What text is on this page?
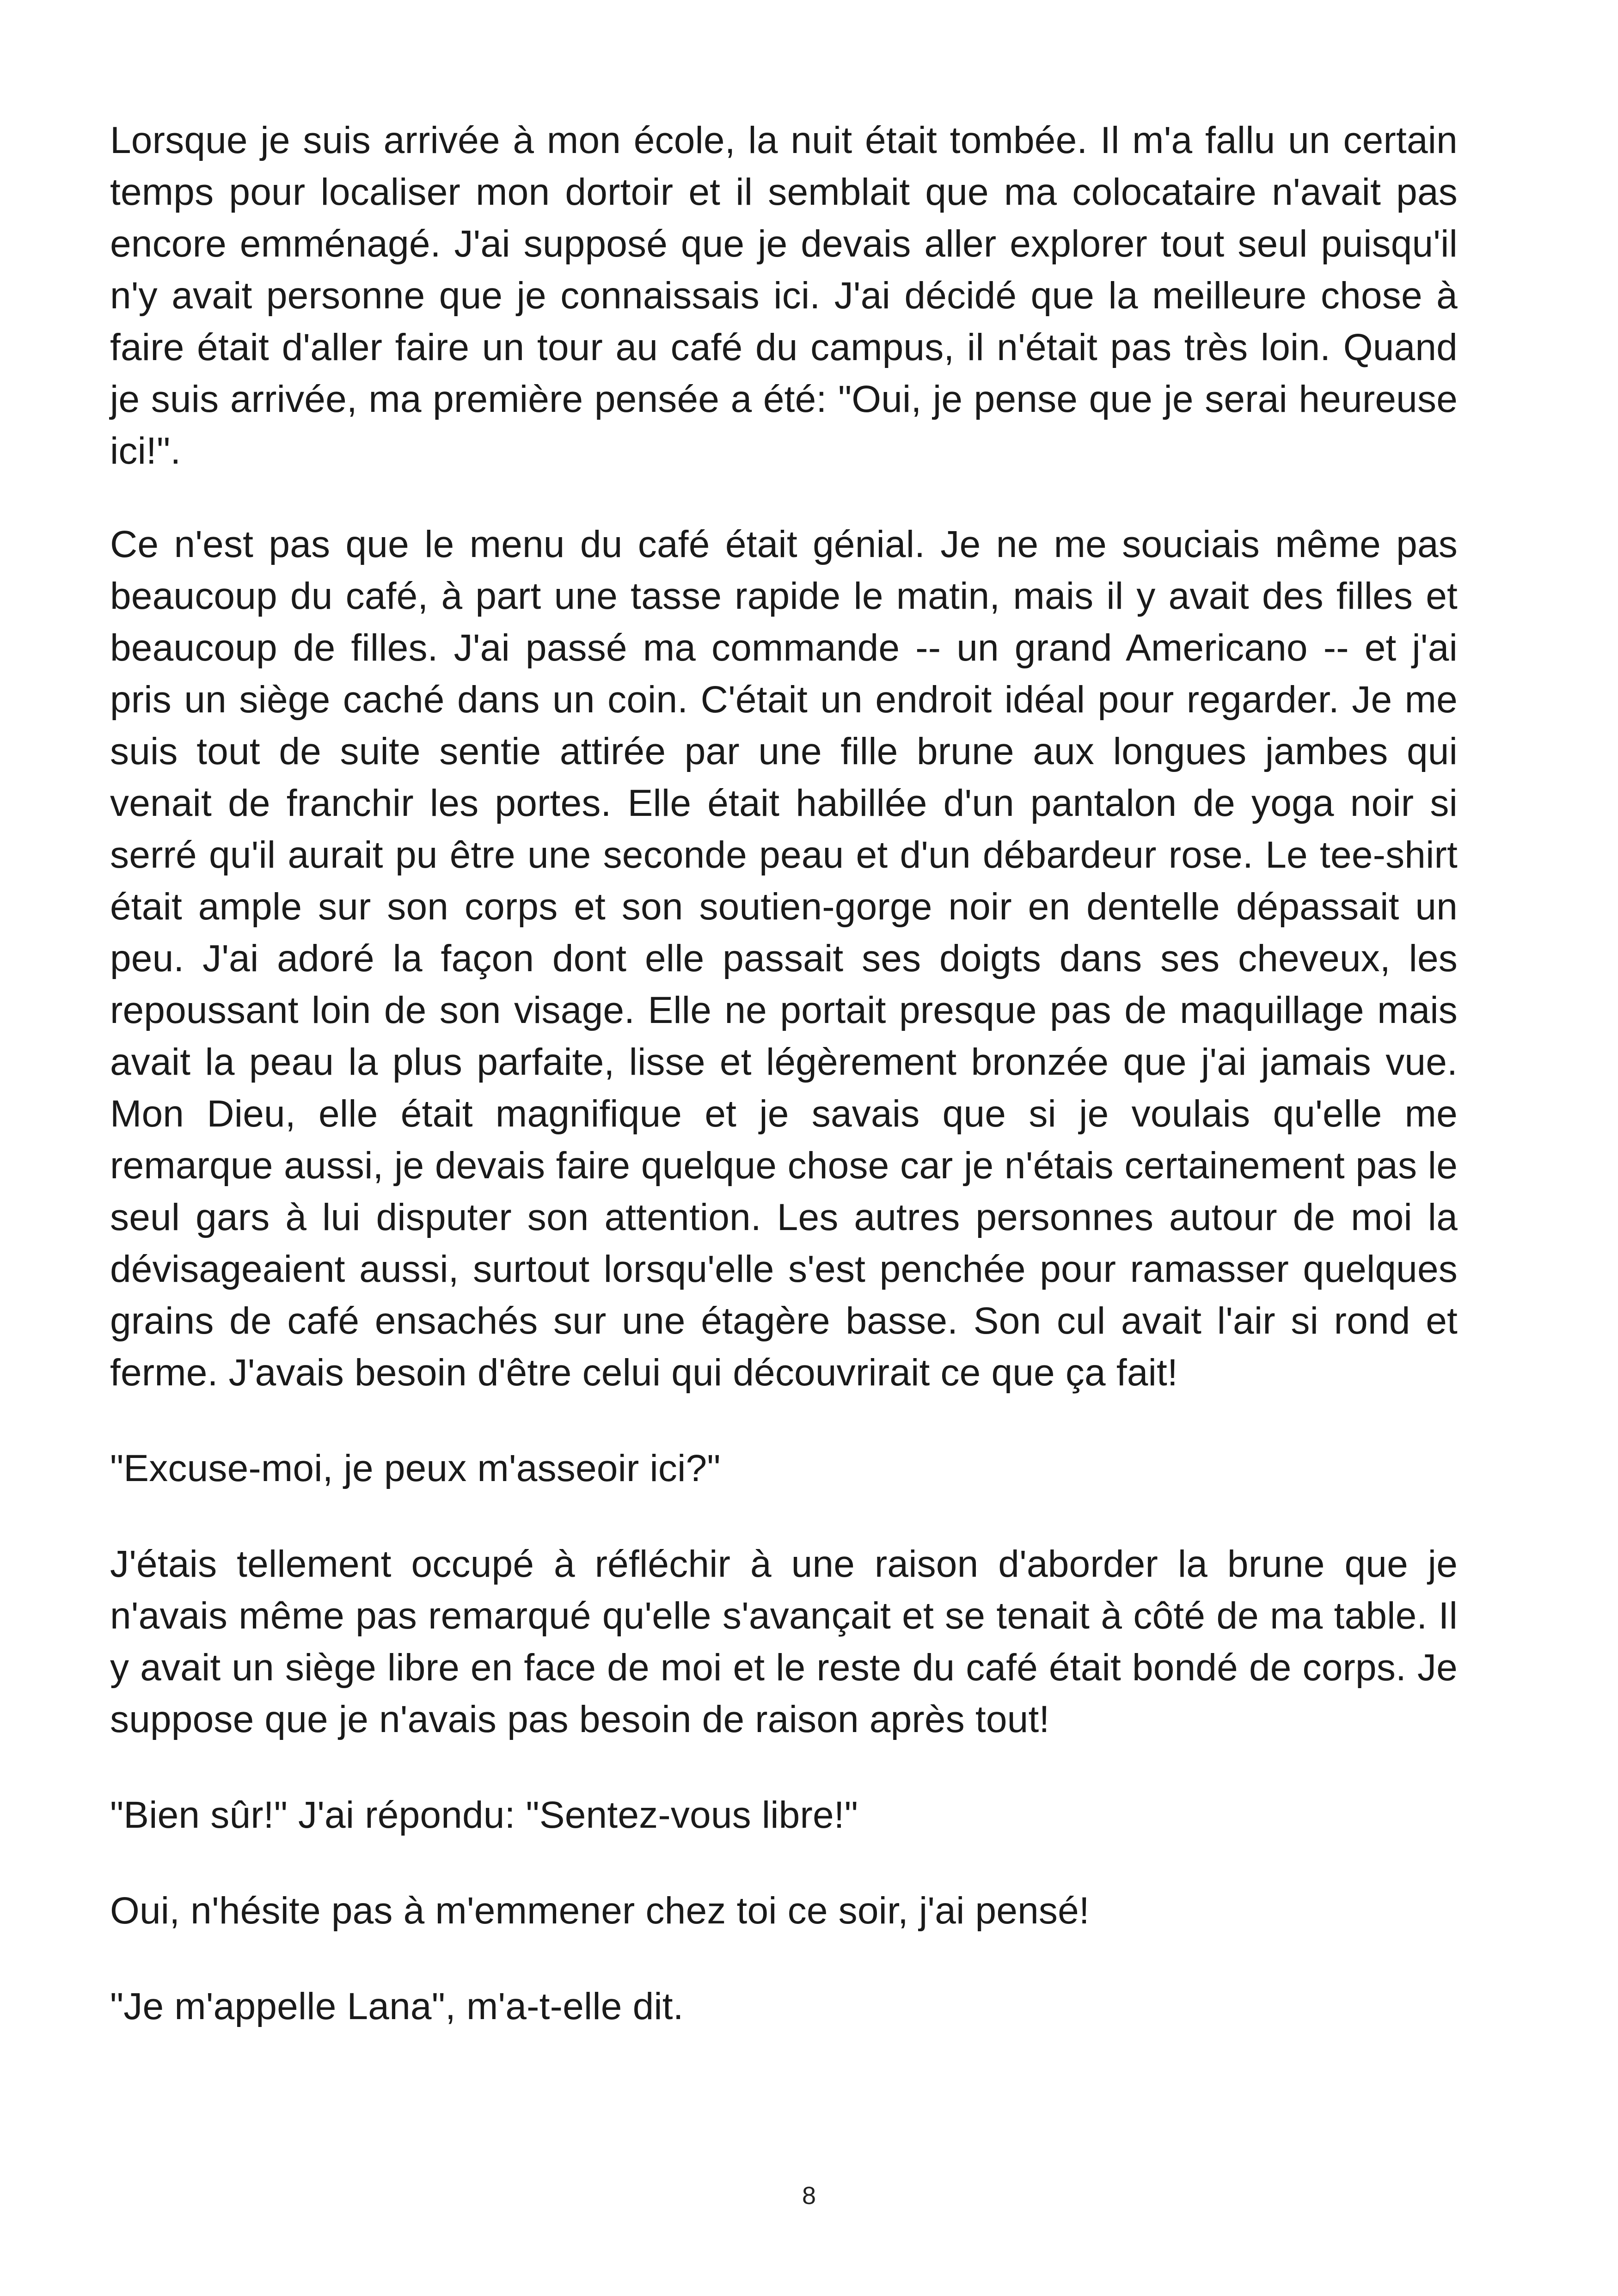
Lorsque je suis arrivée à mon école, la nuit était tombée. Il m'a fallu un certain temps pour localiser mon dortoir et il semblait que ma colocataire n'avait pas encore emménagé. J'ai supposé que je devais aller explorer tout seul puisqu'il n'y avait personne que je connaissais ici. J'ai décidé que la meilleure chose à faire était d'aller faire un tour au café du campus, il n'était pas très loin. Quand je suis arrivée, ma première pensée a été: "Oui, je pense que je serai heureuse ici!".

Ce n'est pas que le menu du café était génial. Je ne me souciais même pas beaucoup du café, à part une tasse rapide le matin, mais il y avait des filles et beaucoup de filles. J'ai passé ma commande -- un grand Americano -- et j'ai pris un siège caché dans un coin. C'était un endroit idéal pour regarder. Je me suis tout de suite sentie attirée par une fille brune aux longues jambes qui venait de franchir les portes. Elle était habillée d'un pantalon de yoga noir si serré qu'il aurait pu être une seconde peau et d'un débardeur rose. Le tee-shirt était ample sur son corps et son soutien-gorge noir en dentelle dépassait un peu. J'ai adoré la façon dont elle passait ses doigts dans ses cheveux, les repoussant loin de son visage. Elle ne portait presque pas de maquillage mais avait la peau la plus parfaite, lisse et légèrement bronzée que j'ai jamais vue. Mon Dieu, elle était magnifique et je savais que si je voulais qu'elle me remarque aussi, je devais faire quelque chose car je n'étais certainement pas le seul gars à lui disputer son attention. Les autres personnes autour de moi la dévisageaient aussi, surtout lorsqu'elle s'est penchée pour ramasser quelques grains de café ensachés sur une étagère basse. Son cul avait l'air si rond et ferme. J'avais besoin d'être celui qui découvrirait ce que ça fait!

"Excuse-moi, je peux m'asseoir ici?"

J'étais tellement occupé à réfléchir à une raison d'aborder la brune que je n'avais même pas remarqué qu'elle s'avançait et se tenait à côté de ma table. Il y avait un siège libre en face de moi et le reste du café était bondé de corps. Je suppose que je n'avais pas besoin de raison après tout!

"Bien sûr!" J'ai répondu: "Sentez-vous libre!"

Oui, n'hésite pas à m'emmener chez toi ce soir, j'ai pensé!

"Je m'appelle Lana", m'a-t-elle dit.

8
